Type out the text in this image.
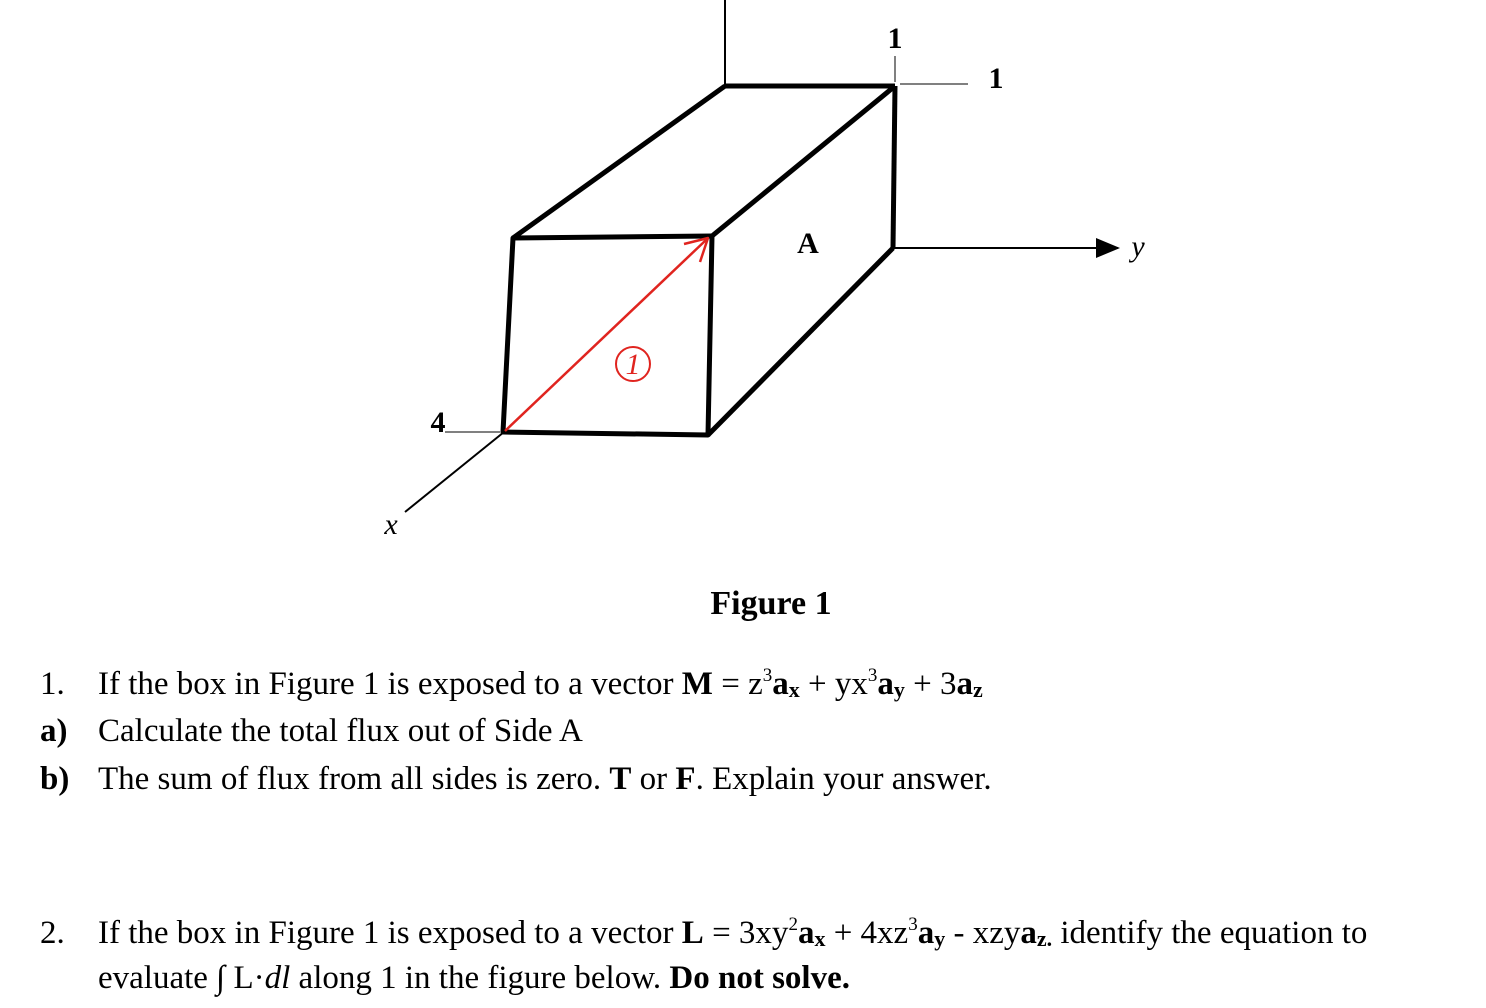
1
A
1
1
4
y
x
Figure 1
1. If the box in Figure 1 is exposed to a vector $M = z^3ax + yx^3ay + 3az$
a) Calculate the total flux out of Side A
b) The sum of flux from all sides is zero. T or F. Explain your answer.
2. If the box in Figure 1 is exposed to a vector $L = 3xy^2ax + 4xz^3ay$ - xzyaz. identify the equation to
evaluate ∫ L·dl along 1 in the figure below. Do not solve.
